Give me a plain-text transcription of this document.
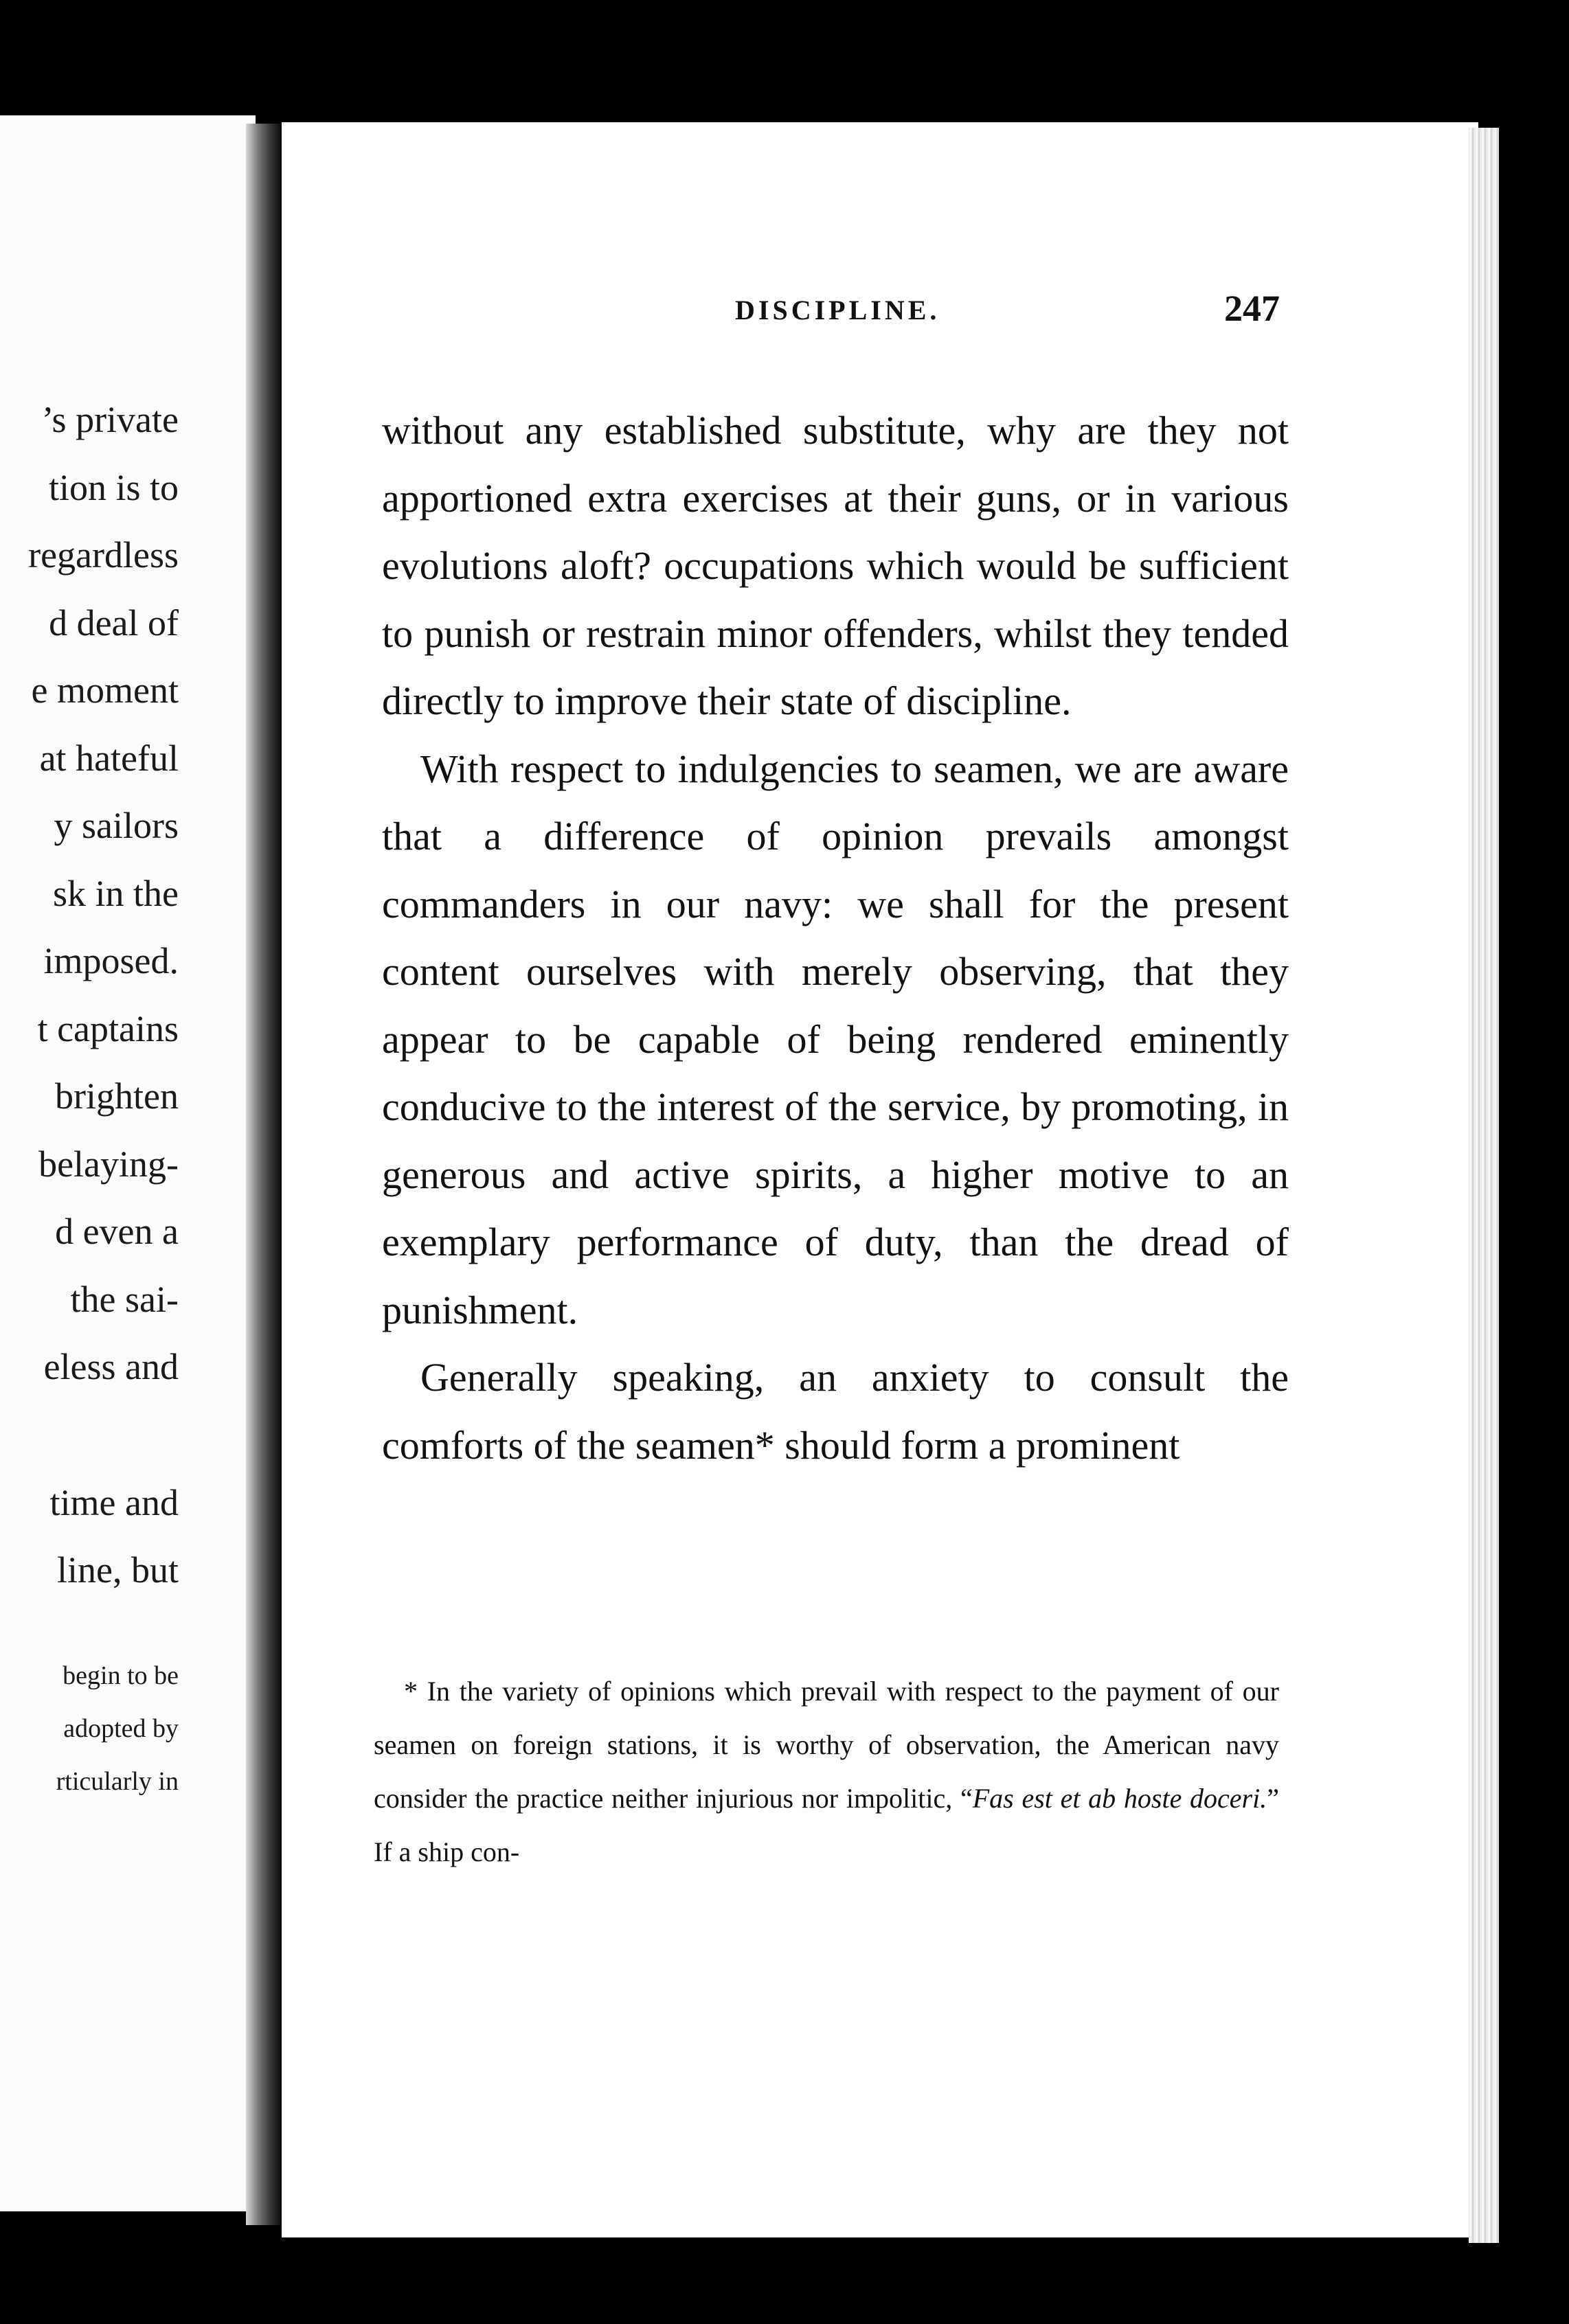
’s private
tion is to
regardless
d deal of
e moment
at hateful
y sailors
sk in the
imposed.
t captains
brighten
belaying-
d even a
the sai-
eless and
time and
line, but
begin to be
adopted by
rticularly in
DISCIPLINE.	247

without any established substitute, why are they not apportioned extra exercises at their guns, or in various evolutions aloft? occupations which would be sufficient to punish or restrain minor offenders, whilst they tended directly to improve their state of discipline.

With respect to indulgencies to seamen, we are aware that a difference of opinion prevails amongst commanders in our navy: we shall for the present content ourselves with merely observing, that they appear to be capable of being rendered eminently conducive to the interest of the service, by promoting, in generous and active spirits, a higher motive to an exemplary performance of duty, than the dread of punishment.

Generally speaking, an anxiety to consult the comforts of the seamen* should form a prominent

* In the variety of opinions which prevail with respect to the payment of our seamen on foreign stations, it is worthy of observation, the American navy consider the practice neither injurious nor impolitic, “Fas est et ab hoste doceri.” If a ship con-
